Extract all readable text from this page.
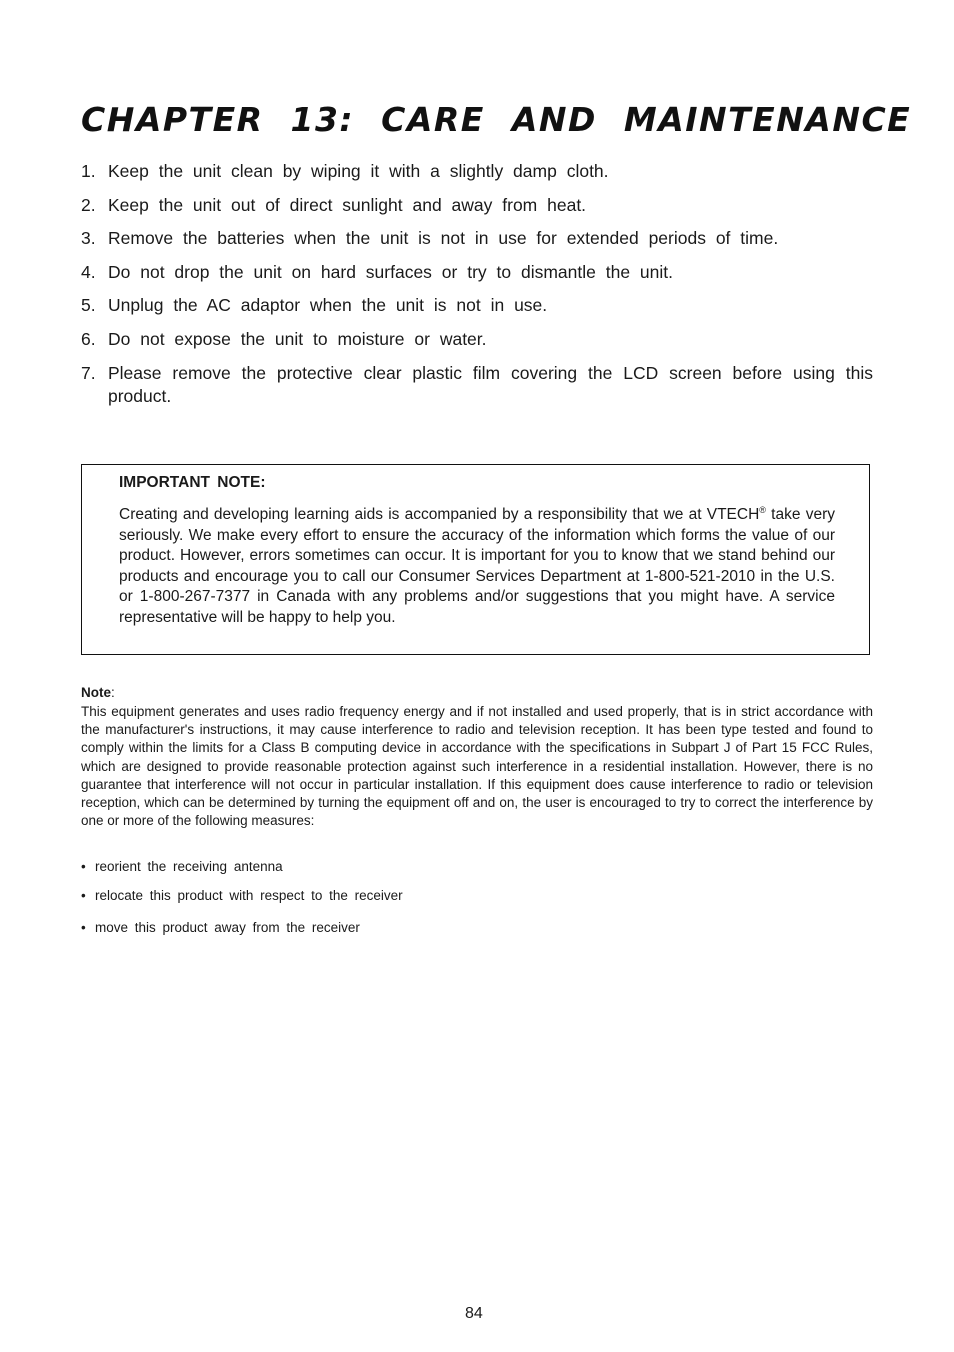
CHAPTER 13: CARE AND MAINTENANCE
1. Keep the unit clean by wiping it with a slightly damp cloth.
2. Keep the unit out of direct sunlight and away from heat.
3. Remove the batteries when the unit is not in use for extended periods of time.
4. Do not drop the unit on hard surfaces or try to dismantle the unit.
5. Unplug the AC adaptor when the unit is not in use.
6. Do not expose the unit to moisture or water.
7. Please remove the protective clear plastic film covering the LCD screen before using this product.
IMPORTANT NOTE:
Creating and developing learning aids is accompanied by a responsibility that we at VTECH® take very seriously. We make every effort to ensure the accuracy of the information which forms the value of our product. However, errors sometimes can occur. It is important for you to know that we stand behind our products and encourage you to call our Consumer Services Department at 1-800-521-2010 in the U.S. or 1-800-267-7377 in Canada with any problems and/or suggestions that you might have. A service representative will be happy to help you.
Note:
This equipment generates and uses radio frequency energy and if not installed and used properly, that is in strict accordance with the manufacturer's instructions, it may cause interference to radio and television reception. It has been type tested and found to comply within the limits for a Class B computing device in accordance with the specifications in Subpart J of Part 15 FCC Rules, which are designed to provide reasonable protection against such interference in a residential installation. However, there is no guarantee that interference will not occur in particular installation. If this equipment does cause interference to radio or television reception, which can be determined by turning the equipment off and on, the user is encouraged to try to correct the interference by one or more of the following measures:
• reorient the receiving antenna
• relocate this product with respect to the receiver
• move this product away from the receiver
84
